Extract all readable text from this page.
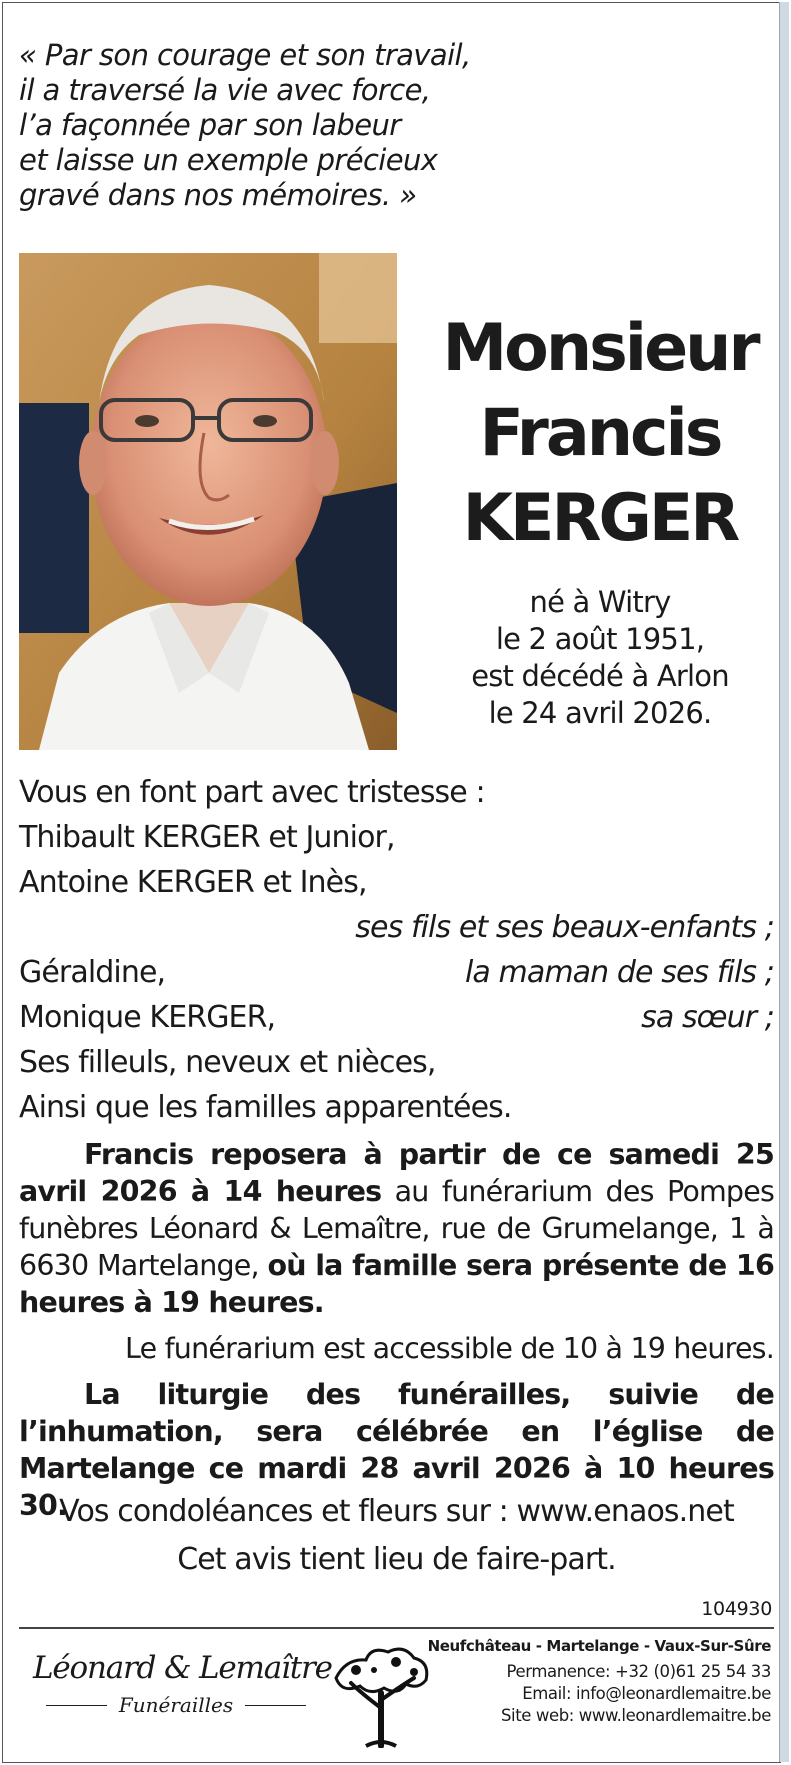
« Par son courage et son travail,
il a traversé la vie avec force,
l’a façonnée par son labeur
et laisse un exemple précieux
gravé dans nos mémoires. »
Monsieur
Francis
KERGER
né à Witry
le 2 août 1951,
est décédé à Arlon
le 24 avril 2026.
Vous en font part avec tristesse :
Thibault KERGER et Junior,
Antoine KERGER et Inès,
ses fils et ses beaux-enfants ;
Géraldine,	la maman de ses fils ;
Monique KERGER,	sa sœur ;
Ses filleuls, neveux et nièces,
Ainsi que les familles apparentées.
Francis reposera à partir de ce samedi 25 avril 2026 à 14 heures au funérarium des Pompes funèbres Léonard & Lemaître, rue de Grumelange, 1 à 6630 Martelange, où la famille sera présente de 16 heures à 19 heures.
Le funérarium est accessible de 10 à 19 heures.
La liturgie des funérailles, suivie de l’inhumation, sera célébrée en l’église de Martelange ce mardi 28 avril 2026 à 10 heures 30.
Vos condoléances et fleurs sur : www.enaos.net
Cet avis tient lieu de faire-part.
104930
Léonard & Lemaître
Funérailles
Neufchâteau - Martelange - Vaux-Sur-Sûre
Permanence: +32 (0)61 25 54 33
Email: info@leonardlemaitre.be
Site web: www.leonardlemaitre.be
